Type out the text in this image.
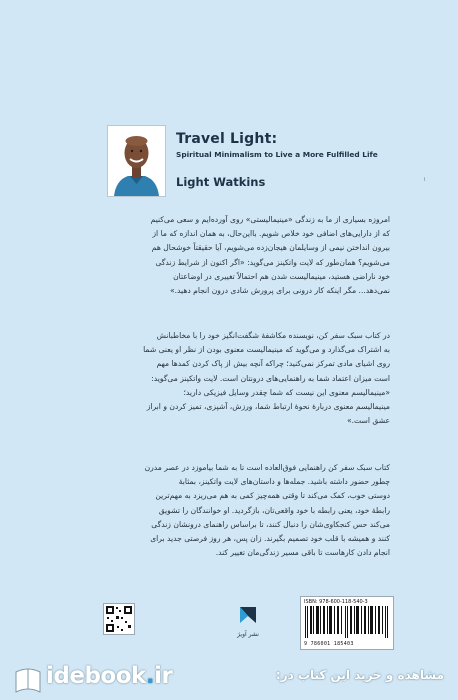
Travel Light:
Spiritual Minimalism to Live a More Fulfilled Life
Light Watkins	۱
امروزه بسیاری از ما به زندگی «مینیمالیستی» روی آورده‌ایم و سعی می‌کنیم
که از دارایی‌های اضافی خود خلاص شویم. بااین‌حال، به همان اندازه که ما از
بیرون انداختن نیمی از وسایلمان هیجان‌زده می‌شویم، آیا حقیقتاً خوشحال هم
می‌شویم؟ همان‌طور که لایت واتکینز می‌گوید: «اگر اکنون از شرایط زندگی
خود ناراضی هستید، مینیمالیست شدن هم احتمالاً تغییری در اوضاعتان
نمی‌دهد... مگر اینکه کار درونی برای پرورش شادی درون انجام دهید.»
در کتاب سبک سفر کن، نویسنده مکاشفهٔ شگفت‌انگیز خود را با مخاطبانش
به اشتراک می‌گذارد و می‌گوید که مینیمالیست معنوی بودن از نظر او یعنی شما
روی اشیای مادی تمرکز نمی‌کنید؛ چراکه آنچه بیش از پاک کردن کمدها مهم
است میزان اعتماد شما به راهنمایی‌های درونتان است. لایت واتکینز می‌گوید:
«مینیمالیسم معنوی این نیست که شما چقدر وسایل فیزیکی دارید؛
مینیمالیسم معنوی دربارهٔ نحوهٔ ارتباط شما، ورزش، آشپزی، تمیز کردن و ابراز
عشق است.»
کتاب سبک سفر کن راهنمایی فوق‌العاده است تا به شما بیاموزد در عصر مدرن
چطور حضور داشته باشید. جمله‌ها و داستان‌های لایت واتکینز، بمثابهٔ
دوستی خوب، کمک می‌کند تا وقتی همه‌چیز کمی به هم می‌ریزد به مهم‌ترین
رابطهٔ خود، یعنی رابطه با خود واقعی‌تان، بازگردید. او خوانندگان را تشویق
می‌کند حس کنجکاوی‌شان را دنبال کنند، تا براساس راهنمای درونشان زندگی
کنند و همیشه با قلب خود تصمیم بگیرند. زان پس، هر روز فرصتی جدید برای
انجام دادن کارهاست تا باقی مسیر زندگی‌مان تغییر کند.
نشر آویژ
ISBN: 978-600-118-540-3
9 786001 185403
idebook.ir	مشاهده و خرید این کتاب در:
